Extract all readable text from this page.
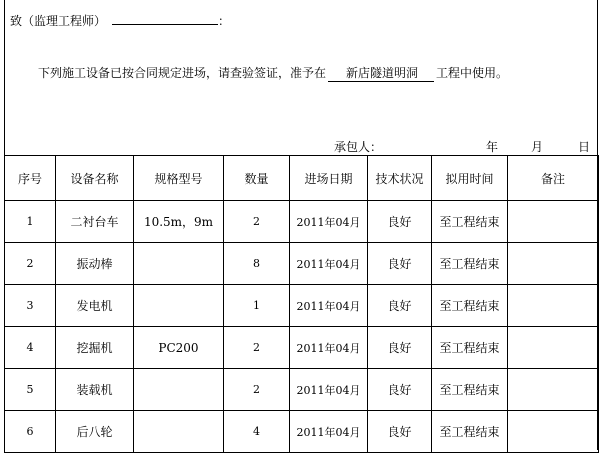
致（监理工程师）	：
下列施工设备已按合同规定进场，请查验签证，准予在 新店隧道明洞 工程中使用。
承包人：	年	月	日
序号	设备名称	规格型号	数量	进场日期	技术状况	拟用时间	备注
1	二衬台车	10.5m，9m	2	2011年04月	良好	至工程结束	
2	振动棒		8	2011年04月	良好	至工程结束	
3	发电机		1	2011年04月	良好	至工程结束	
4	挖掘机	PC200	2	2011年04月	良好	至工程结束	
5	装载机		2	2011年04月	良好	至工程结束	
6	后八轮		4	2011年04月	良好	至工程结束	
